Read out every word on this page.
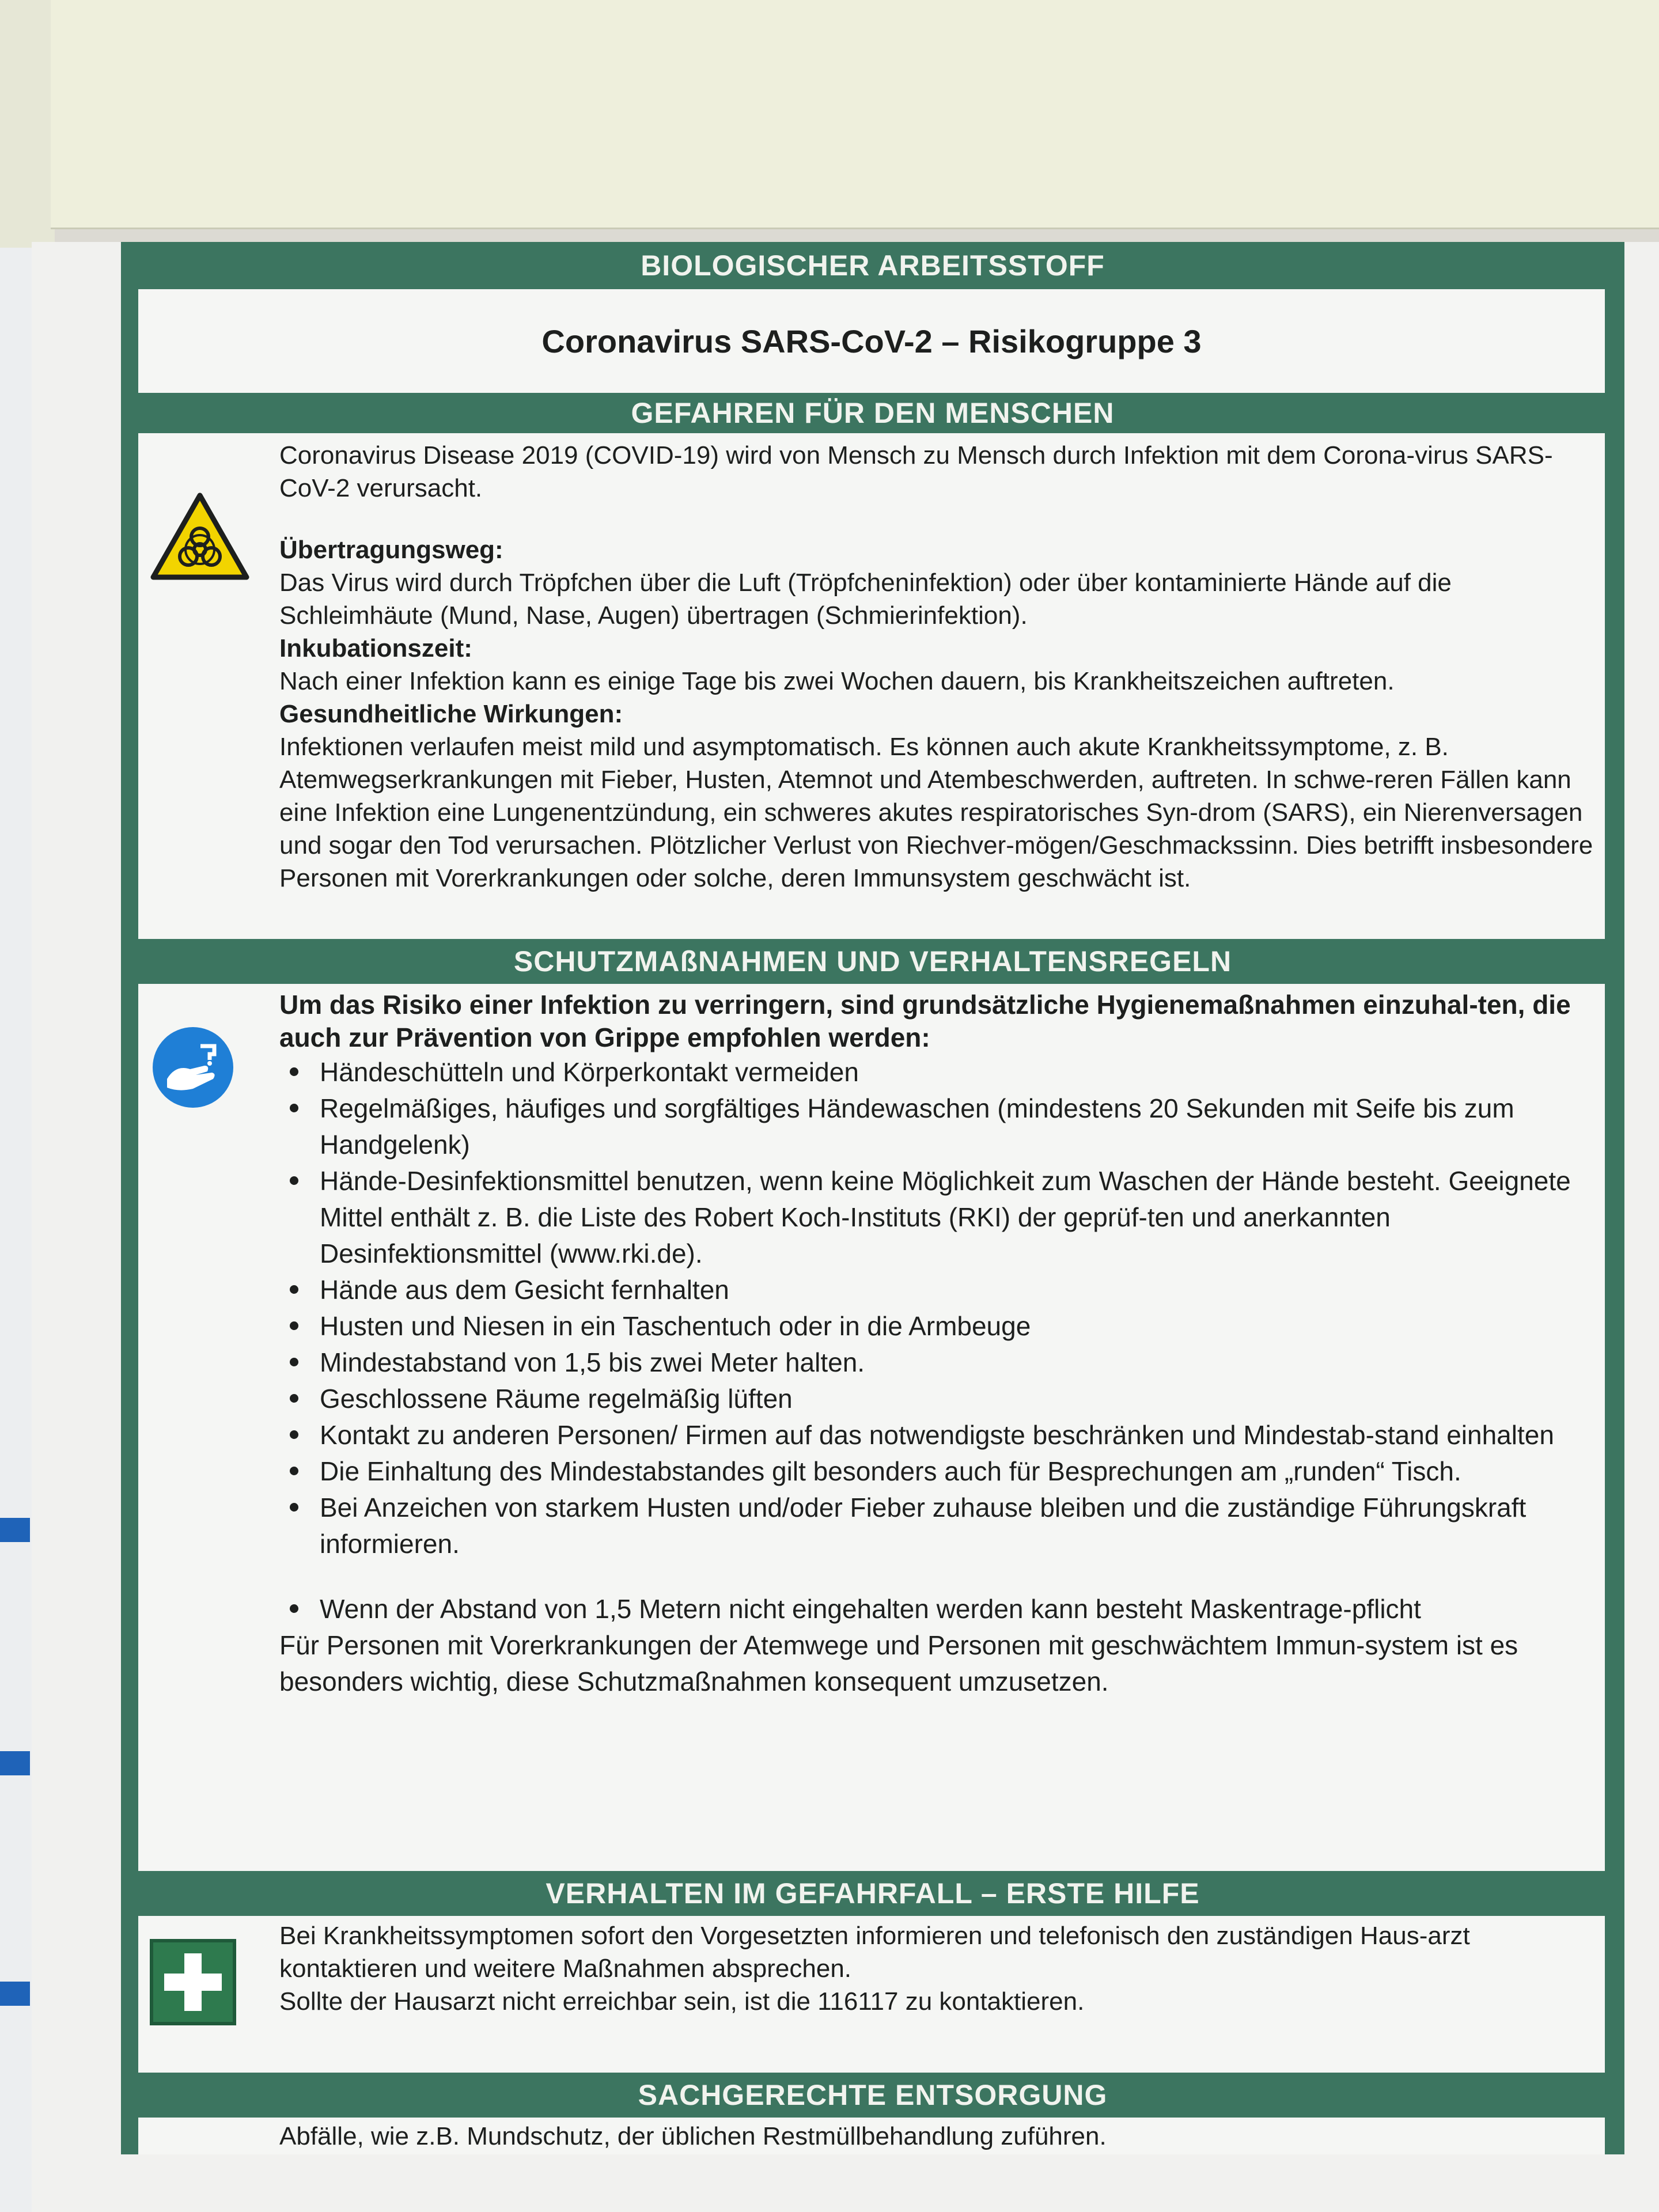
BIOLOGISCHER ARBEITSSTOFF
Coronavirus SARS-CoV-2 – Risikogruppe 3
GEFAHREN FÜR DEN MENSCHEN
Coronavirus Disease 2019 (COVID-19) wird von Mensch zu Mensch durch Infektion mit dem Corona-virus SARS-CoV-2 verursacht.
Übertragungsweg:
Das Virus wird durch Tröpfchen über die Luft (Tröpfcheninfektion) oder über kontaminierte Hände auf die Schleimhäute (Mund, Nase, Augen) übertragen (Schmierinfektion).
Inkubationszeit:
Nach einer Infektion kann es einige Tage bis zwei Wochen dauern, bis Krankheitszeichen auftreten.
Gesundheitliche Wirkungen:
Infektionen verlaufen meist mild und asymptomatisch. Es können auch akute Krankheitssymptome, z. B. Atemwegserkrankungen mit Fieber, Husten, Atemnot und Atembeschwerden, auftreten. In schwe-reren Fällen kann eine Infektion eine Lungenentzündung, ein schweres akutes respiratorisches Syn-drom (SARS), ein Nierenversagen und sogar den Tod verursachen. Plötzlicher Verlust von Riechver-mögen/Geschmackssinn. Dies betrifft insbesondere Personen mit Vorerkrankungen oder solche, deren Immunsystem geschwächt ist.
SCHUTZMAßNAHMEN UND VERHALTENSREGELN
Um das Risiko einer Infektion zu verringern, sind grundsätzliche Hygienemaßnahmen einzuhal-ten, die auch zur Prävention von Grippe empfohlen werden:
Händeschütteln und Körperkontakt vermeiden
Regelmäßiges, häufiges und sorgfältiges Händewaschen (mindestens 20 Sekunden mit Seife bis zum Handgelenk)
Hände-Desinfektionsmittel benutzen, wenn keine Möglichkeit zum Waschen der Hände besteht. Geeignete Mittel enthält z. B. die Liste des Robert Koch-Instituts (RKI) der geprüf-ten und anerkannten Desinfektionsmittel (www.rki.de).
Hände aus dem Gesicht fernhalten
Husten und Niesen in ein Taschentuch oder in die Armbeuge
Mindestabstand von 1,5 bis zwei Meter halten.
Geschlossene Räume regelmäßig lüften
Kontakt zu anderen Personen/ Firmen auf das notwendigste beschränken und Mindestab-stand einhalten
Die Einhaltung des Mindestabstandes gilt besonders auch für Besprechungen am „runden“ Tisch.
Bei Anzeichen von starkem Husten und/oder Fieber zuhause bleiben und die zuständige Führungskraft informieren.
Wenn der Abstand von 1,5 Metern nicht eingehalten werden kann besteht Maskentrage-pflicht
Für Personen mit Vorerkrankungen der Atemwege und Personen mit geschwächtem Immun-system ist es besonders wichtig, diese Schutzmaßnahmen konsequent umzusetzen.
VERHALTEN IM GEFAHRFALL – ERSTE HILFE
Bei Krankheitssymptomen sofort den Vorgesetzten informieren und telefonisch den zuständigen Haus-arzt kontaktieren und weitere Maßnahmen absprechen.
Sollte der Hausarzt nicht erreichbar sein, ist die 116117 zu kontaktieren.
SACHGERECHTE ENTSORGUNG
Abfälle, wie z.B. Mundschutz, der üblichen Restmüllbehandlung zuführen.
